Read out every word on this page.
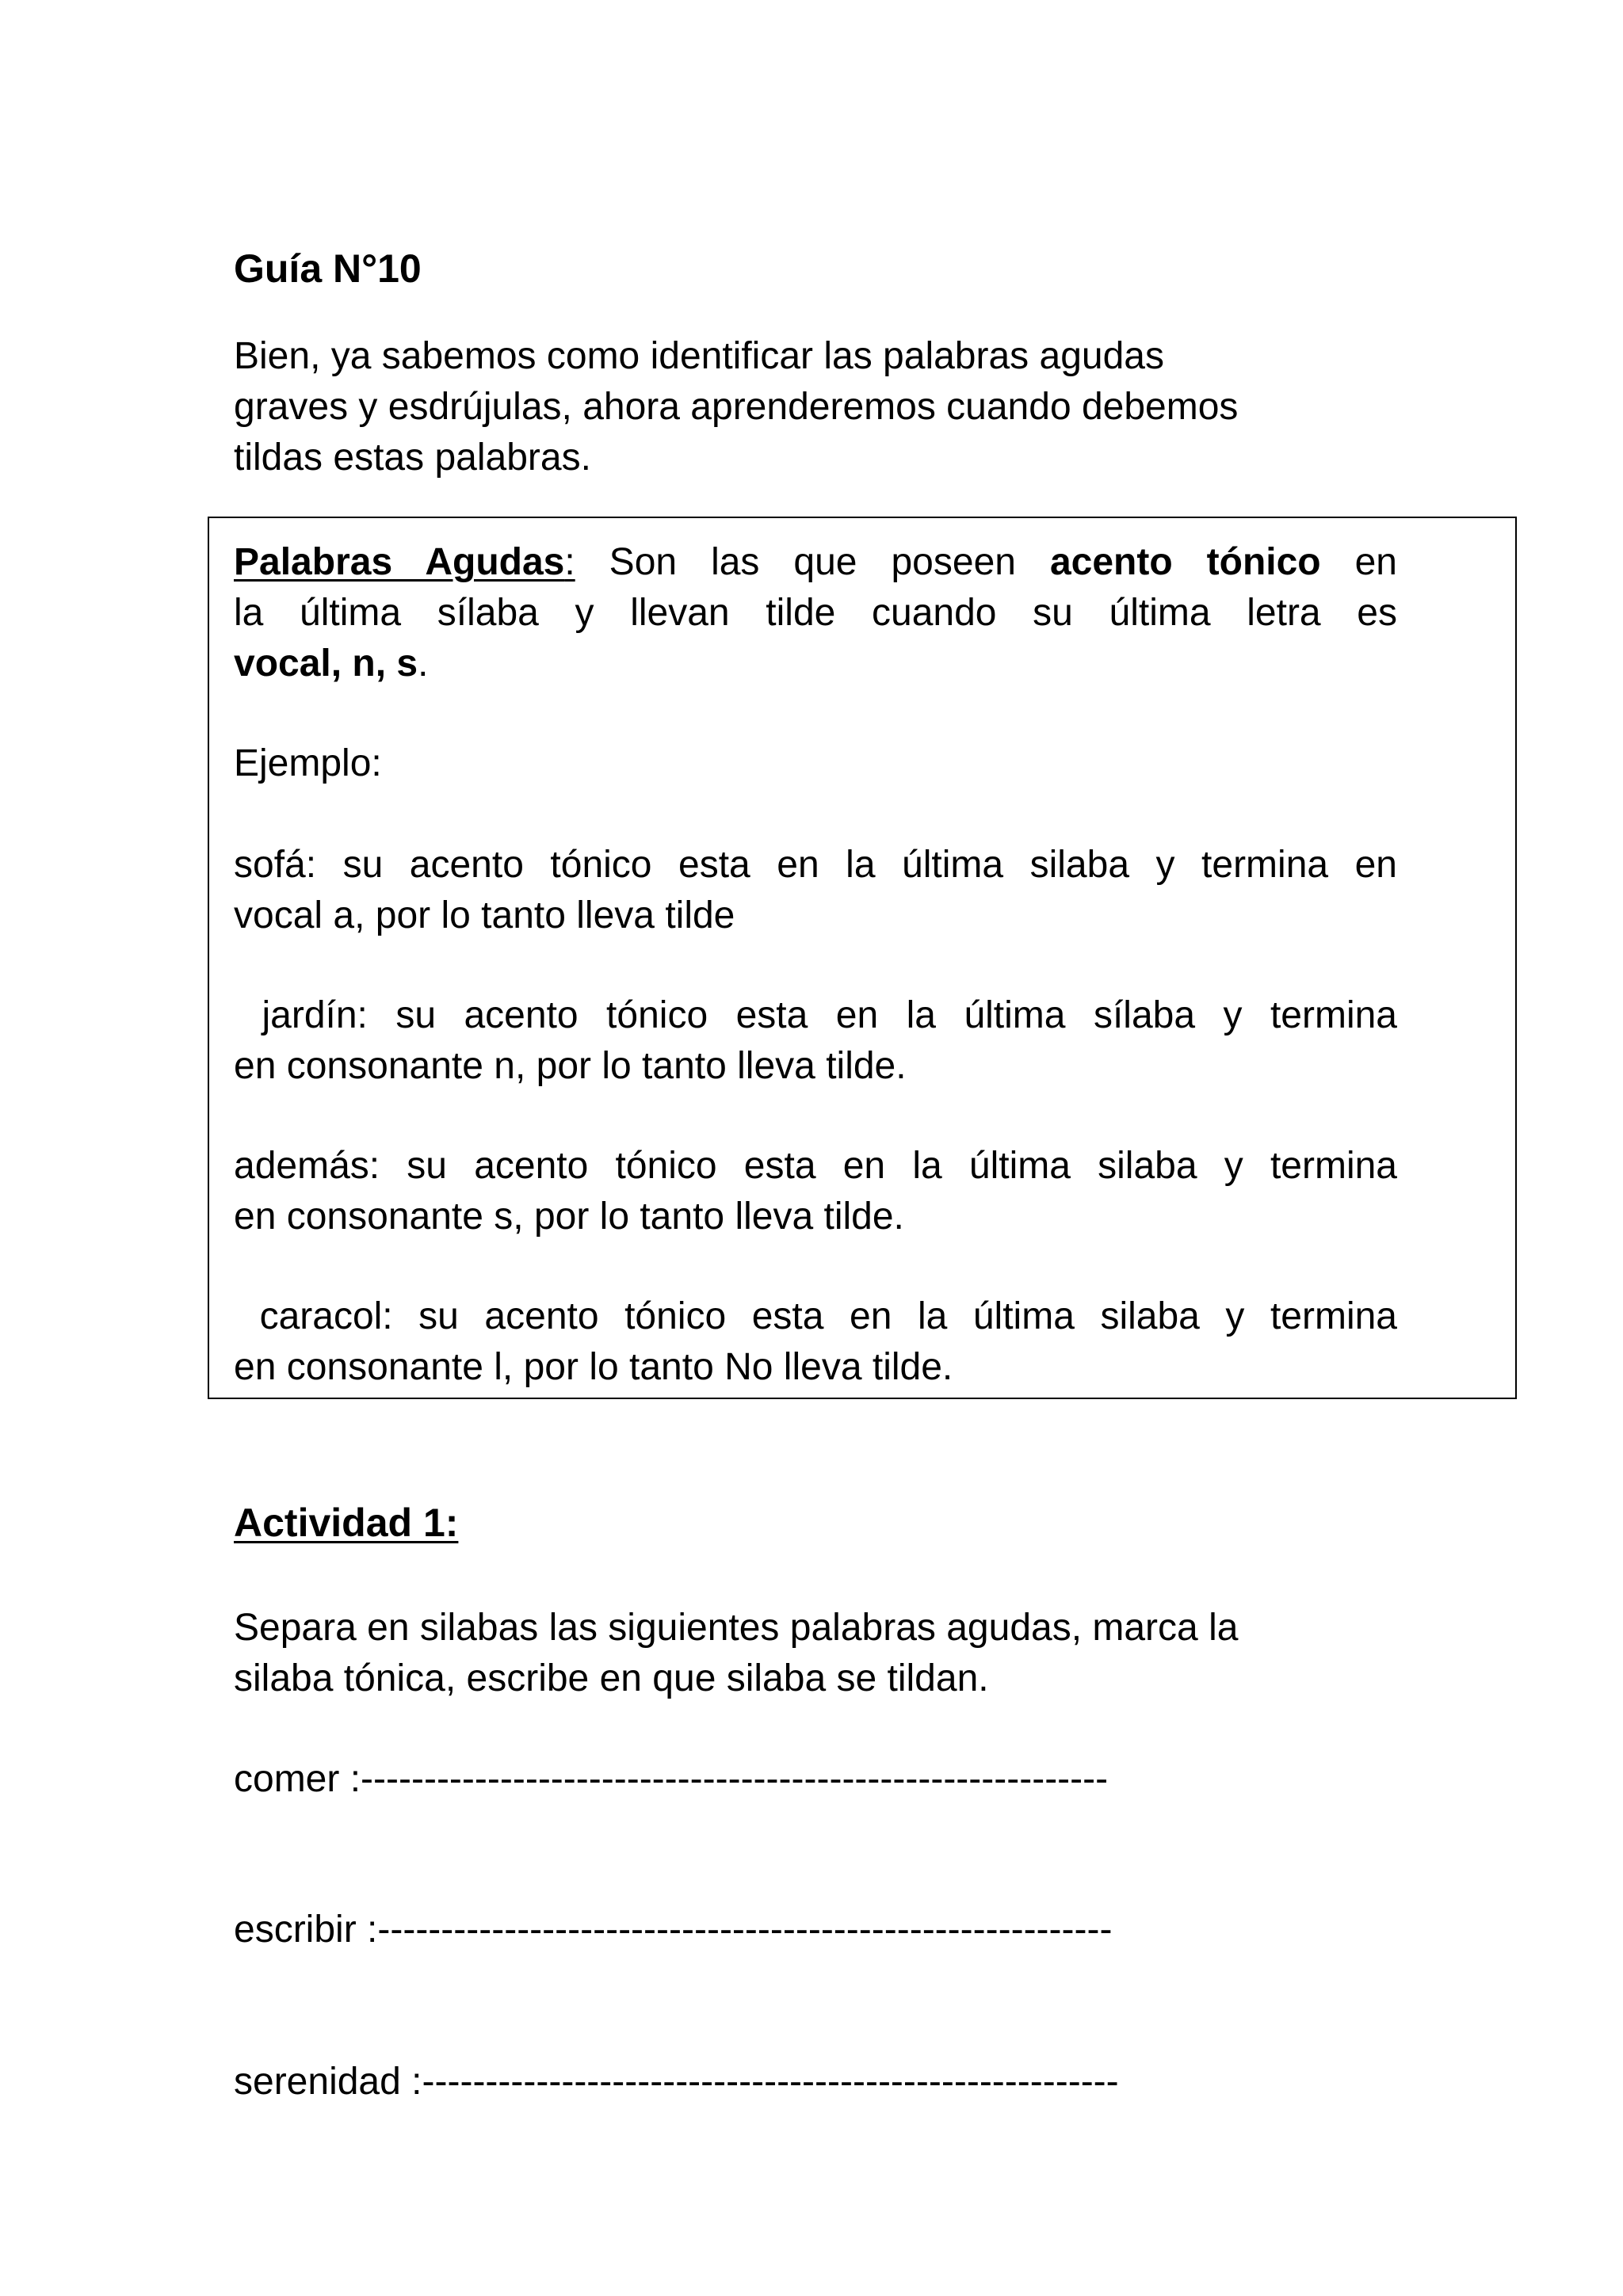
Guía N°10
Bien, ya sabemos como identificar las palabras agudas
graves y esdrújulas, ahora aprenderemos cuando debemos
tildas estas palabras.
Palabras Agudas: Son las que poseen acento tónico en
la última sílaba y llevan tilde cuando su última letra es
vocal, n, s.
Ejemplo:
sofá: su acento tónico esta en la última silaba y termina en
vocal a, por lo tanto lleva tilde
jardín: su acento tónico esta en la última sílaba y termina
en consonante n, por lo tanto lleva tilde.
además: su acento tónico esta en la última silaba y termina
en consonante s, por lo tanto lleva tilde.
caracol: su acento tónico esta en la última silaba y termina
en consonante l, por lo tanto No lleva tilde.
Actividad 1:
Separa en silabas las siguientes palabras agudas, marca la
silaba tónica, escribe en que silaba se tildan.
comer :-----------------------------------------------------------
escribir :----------------------------------------------------------
serenidad :-------------------------------------------------------
